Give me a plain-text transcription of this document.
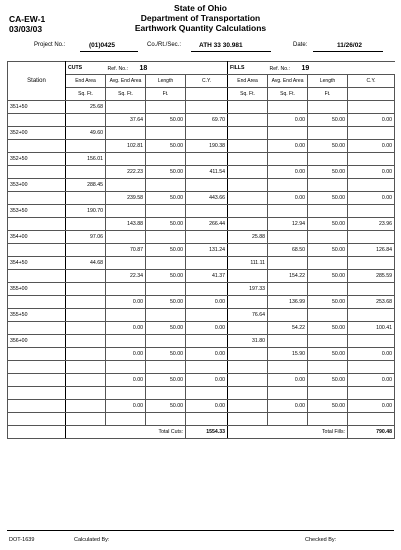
State of Ohio
Department of Transportation
Earthwork Quantity Calculations
CA-EW-1
03/03/03
Project No.:	(01)0425	Co./Rt./Sec.:	ATH 33 30.981	Date:	11/26/02
Station	CUTS	Ref. No.: 18			FILLS	Ref. No.: 19		
	End Area	Avg. End Area	Length	C.Y.	End Area	Avg. End Area	Length	C.Y.
	Sq. Ft.	Sq. Ft.	Ft.		Sq. Ft.	Sq. Ft.	Ft.	
351+50	25.68							
		37.64	50.00	69.70		0.00	50.00	0.00
352+00	49.60							
		102.81	50.00	190.38		0.00	50.00	0.00
352+50	156.01							
		222.23	50.00	411.54		0.00	50.00	0.00
353+00	288.45							
		239.58	50.00	443.66		0.00	50.00	0.00
353+50	190.70							
		143.88	50.00	266.44		12.94	50.00	23.96
354+00	97.06				25.88			
		70.87	50.00	131.24		68.50	50.00	126.84
354+50	44.68				111.11			
		22.34	50.00	41.37		154.22	50.00	285.59
355+00					197.33			
		0.00	50.00	0.00		136.99	50.00	253.68
355+50					76.64			
		0.00	50.00	0.00		54.22	50.00	100.41
356+00					31.80			
		0.00	50.00	0.00		15.90	50.00	0.00

		0.00	50.00	0.00		0.00	50.00	0.00

		0.00	50.00	0.00		0.00	50.00	0.00

	Total Cuts:			1554.33	Total Fills:			790.48
DOT-1639	Calculated By:	Checked By:
